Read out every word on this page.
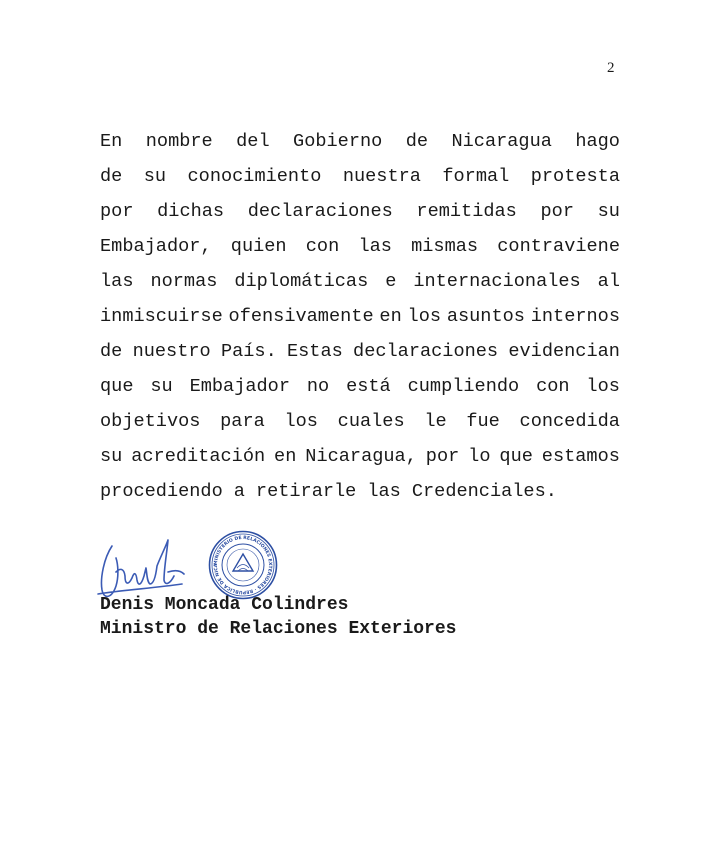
2
En nombre del Gobierno de Nicaragua hago
de su conocimiento nuestra formal protesta
por dichas declaraciones remitidas por su
Embajador, quien con las mismas contraviene
las normas diplomáticas e internacionales al
inmiscuirse ofensivamente en los asuntos internos
de nuestro País. Estas declaraciones evidencian
que su Embajador no está cumpliendo con los
objetivos para los cuales le fue concedida
su acreditación en Nicaragua, por lo que estamos
procediendo a retirarle las Credenciales.
MINISTERIO DE RELACIONES EXTERIORES · REPUBLICA DE NICA
Denis Moncada Colindres
Ministro de Relaciones Exteriores
